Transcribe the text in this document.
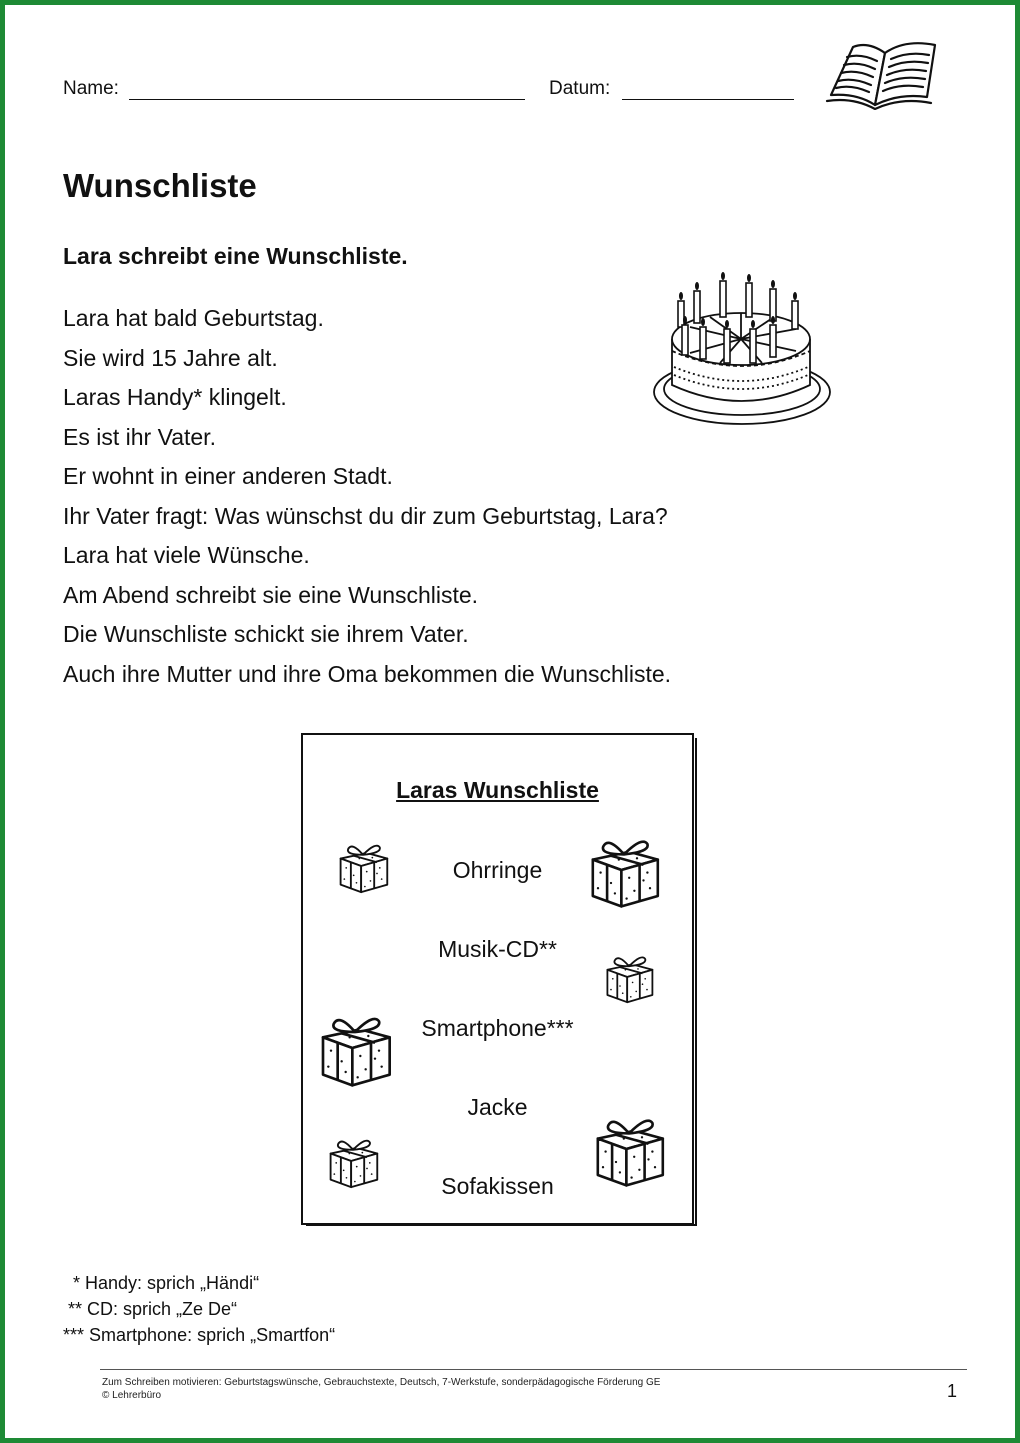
Name:	Datum:
Wunschliste
Lara schreibt eine Wunschliste.
Lara hat bald Geburtstag.
Sie wird 15 Jahre alt.
Laras Handy* klingelt.
Es ist ihr Vater.
Er wohnt in einer anderen Stadt.
Ihr Vater fragt: Was wünschst du dir zum Geburtstag, Lara?
Lara hat viele Wünsche.
Am Abend schreibt sie eine Wunschliste.
Die Wunschliste schickt sie ihrem Vater.
Auch ihre Mutter und ihre Oma bekommen die Wunschliste.
Laras Wunschliste
Ohrringe
Musik-CD**
Smartphone***
Jacke
Sofakissen
* Handy: sprich „Händi“
** CD: sprich „Ze De“
*** Smartphone: sprich „Smartfon“
Zum Schreiben motivieren: Geburtstagswünsche, Gebrauchstexte, Deutsch, 7-Werkstufe, sonderpädagogische Förderung GE
© Lehrerbüro	1
